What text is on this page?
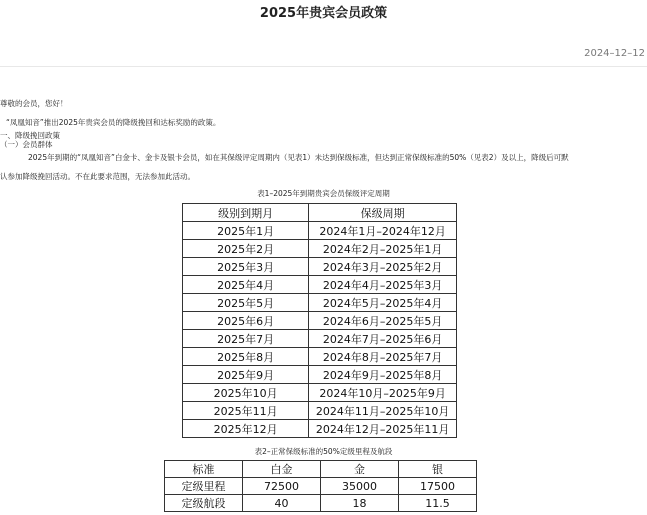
2025年贵宾会员政策
2024–12–12
尊敬的会员，您好！
“凤凰知音”推出2025年贵宾会员的降级挽回和达标奖励的政策。
一、降级挽回政策
（一）会员群体
2025年到期的“凤凰知音”白金卡、金卡及银卡会员，如在其保级评定周期内（见表1）未达到保级标准，但达到正常保级标准的50%（见表2）及以上，降级后可默
认参加降级挽回活动。不在此要求范围，无法参加此活动。
表1–2025年到期贵宾会员保级评定周期
级别到期月	保级周期
2025年1月	2024年1月–2024年12月
2025年2月	2024年2月–2025年1月
2025年3月	2024年3月–2025年2月
2025年4月	2024年4月–2025年3月
2025年5月	2024年5月–2025年4月
2025年6月	2024年6月–2025年5月
2025年7月	2024年7月–2025年6月
2025年8月	2024年8月–2025年7月
2025年9月	2024年9月–2025年8月
2025年10月	2024年10月–2025年9月
2025年11月	2024年11月–2025年10月
2025年12月	2024年12月–2025年11月
表2–正常保级标准的50%定级里程及航段
标准	白金	金	银
定级里程	72500	35000	17500
定级航段	40	18	11.5
